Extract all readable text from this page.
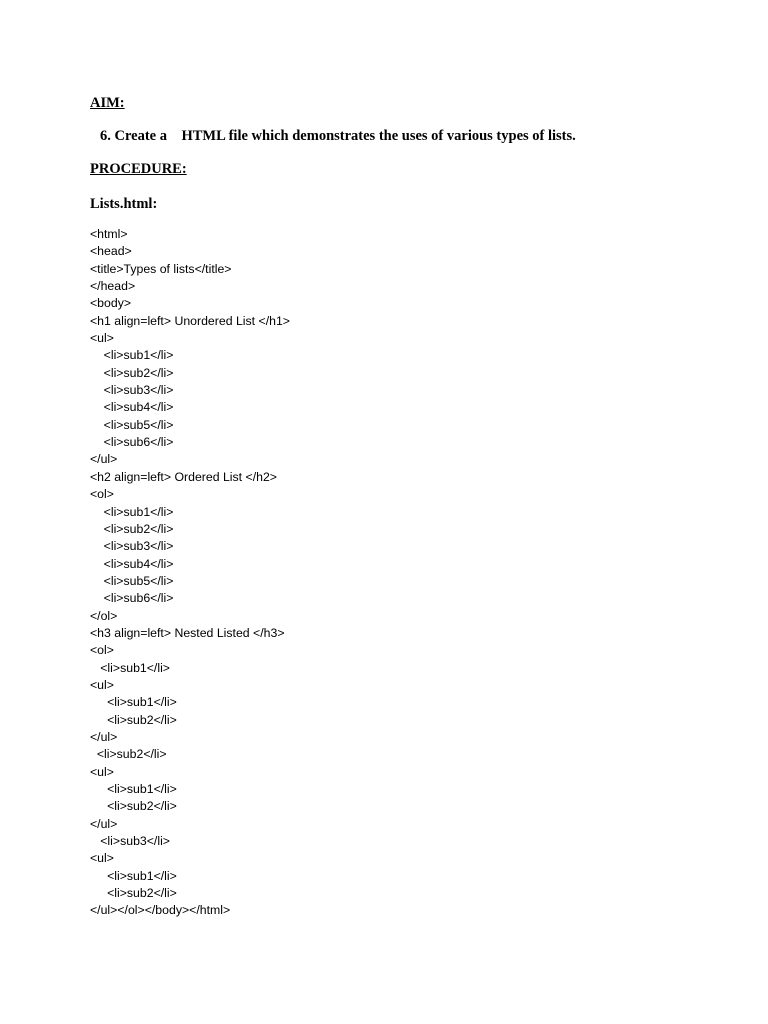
AIM:
6. Create a    HTML file which demonstrates the uses of various types of lists.
PROCEDURE:
Lists.html:
<html>
<head>
<title>Types of lists</title>
</head>
<body>
<h1 align=left> Unordered List </h1>
<ul>
<li>sub1</li>
<li>sub2</li>
<li>sub3</li>
<li>sub4</li>
<li>sub5</li>
<li>sub6</li>
</ul>
<h2 align=left> Ordered List </h2>
<ol>
<li>sub1</li>
<li>sub2</li>
<li>sub3</li>
<li>sub4</li>
<li>sub5</li>
<li>sub6</li>
</ol>
<h3 align=left> Nested Listed </h3>
<ol>
<li>sub1</li>
<ul>
<li>sub1</li>
<li>sub2</li>
</ul>
<li>sub2</li>
<ul>
<li>sub1</li>
<li>sub2</li>
</ul>
<li>sub3</li>
<ul>
<li>sub1</li>
<li>sub2</li>
</ul></ol></body></html>
